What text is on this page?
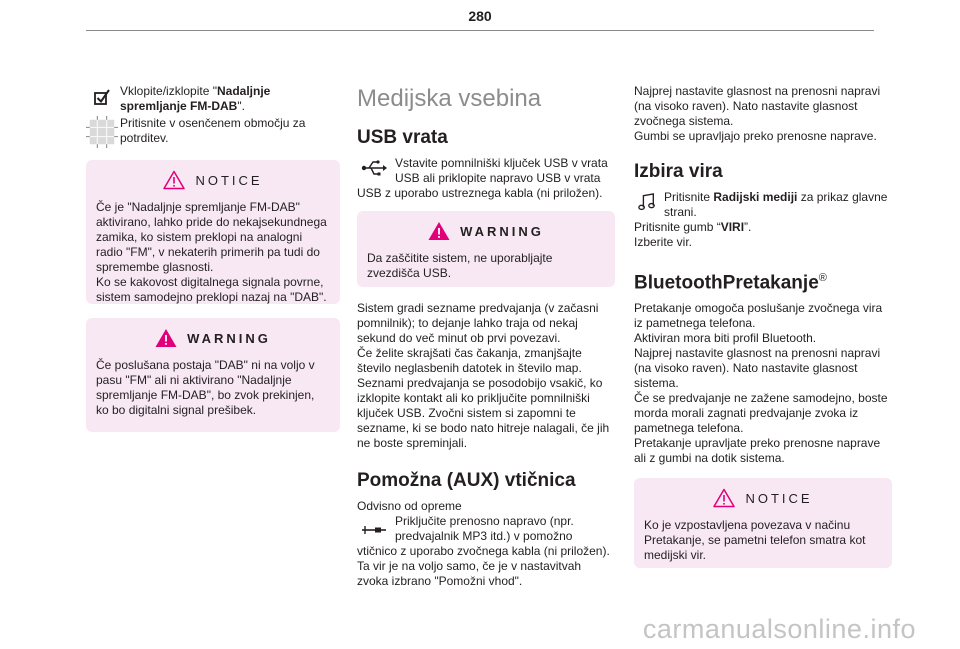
280

Vklopite/izklopite "Nadaljnje spremljanje FM-DAB".

Pritisnite v osenčenem območju za potrditev.

NOTICE

Če je "Nadaljnje spremljanje FM-DAB" aktivirano, lahko pride do nekajsekundnega zamika, ko sistem preklopi na analogni radio "FM", v nekaterih primerih pa tudi do spremembe glasnosti.
Ko se kakovost digitalnega signala povrne, sistem samodejno preklopi nazaj na "DAB".

WARNING

Če poslušana postaja "DAB" ni na voljo v pasu "FM" ali ni aktivirano "Nadaljnje spremljanje FM-DAB", bo zvok prekinjen, ko bo digitalni signal prešibek.

Medijska vsebina
USB vrata

Vstavite pomnilniški ključek USB v vrata USB ali priklopite napravo USB v vrata USB z uporabo ustreznega kabla (ni priložen).

WARNING

Da zaščitite sistem, ne uporabljajte zvezdišča USB.

Sistem gradi sezname predvajanja (v začasni pomnilnik); to dejanje lahko traja od nekaj sekund do več minut ob prvi povezavi.
Če želite skrajšati čas čakanja, zmanjšajte število neglasbenih datotek in število map.
Seznami predvajanja se posodobijo vsakič, ko izklopite kontakt ali ko priključite pomnilniški ključek USB. Zvočni sistem si zapomni te sezname, ki se bodo nato hitreje nalagali, če jih ne boste spreminjali.

Pomožna (AUX) vtičnica

Odvisno od opreme

Priključite prenosno napravo (npr. predvajalnik MP3 itd.) v pomožno vtičnico z uporabo zvočnega kabla (ni priložen).
Ta vir je na voljo samo, če je v nastavitvah zvoka izbrano "Pomožni vhod".

Najprej nastavite glasnost na prenosni napravi (na visoko raven). Nato nastavite glasnost zvočnega sistema.
Gumbi se upravljajo preko prenosne naprave.

Izbira vira

Pritisnite Radijski mediji za prikaz glavne strani.

Pritisnite gumb “VIRI”.

Izberite vir.

BluetoothPretakanje®

Pretakanje omogoča poslušanje zvočnega vira iz pametnega telefona.
Aktiviran mora biti profil Bluetooth.
Najprej nastavite glasnost na prenosni napravi (na visoko raven). Nato nastavite glasnost sistema.
Če se predvajanje ne zažene samodejno, boste morda morali zagnati predvajanje zvoka iz pametnega telefona.
Pretakanje upravljate preko prenosne naprave ali z gumbi na dotik sistema.

NOTICE

Ko je vzpostavljena povezava v načinu Pretakanje, se pametni telefon smatra kot medijski vir.

carmanualsonline.info
